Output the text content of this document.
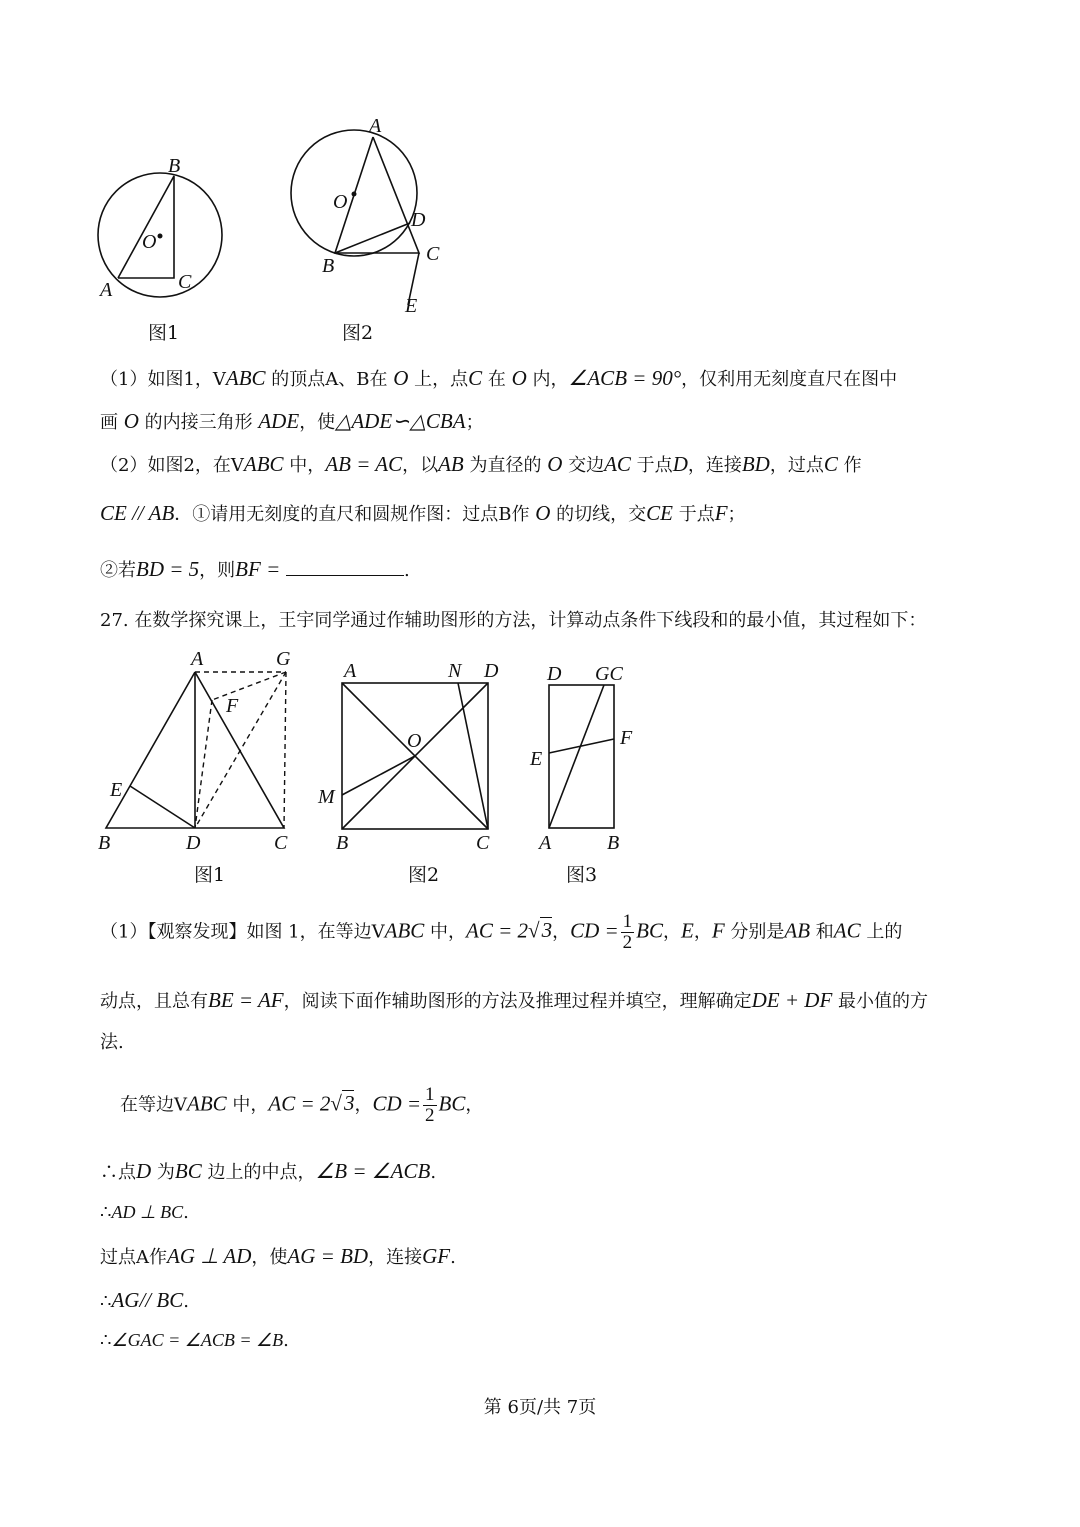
B
O
A	C
图1
A
O
D
B
C
E
图2
（1）如图1，VABC 的顶点A、B在 O 上，点C 在 O 内，∠ACB = 90°，仅利用无刻度直尺在图中
画 O 的内接三角形 ADE，使△ADE∽△CBA；
（2）如图2，在VABC 中，AB = AC，以AB 为直径的 O 交边AC 于点D，连接BD，过点C 作
CE // AB．①请用无刻度的直尺和圆规作图：过点B作 O 的切线，交CE 于点F；
②若BD = 5，则BF =	.
27. 在数学探究课上，王宇同学通过作辅助图形的方法，计算动点条件下线段和的最小值，其过程如下：
A	G
F
E
B	D	C
图1
A	N D
O
M
B	C
图2
D GC
E
F
A	B
图3
（1）【观察发现】如图 1，在等边VABC 中，AC = 2√3，CD = $\frac{1}{2}$ BC，E，F 分别是AB 和AC 上的
动点，且总有BE = AF，阅读下面作辅助图形的方法及推理过程并填空，理解确定DE + DF 最小值的方
法.
在等边VABC 中，AC = 2√3，CD = $\frac{1}{2}$ BC，
∴点D 为BC 边上的中点，∠B = ∠ACB.
∴AD ⊥ BC.
过点A作AG ⊥ AD，使AG = BD，连接GF.
∴AG// BC.
∴∠GAC = ∠ACB = ∠B.
第 6页/共 7页
